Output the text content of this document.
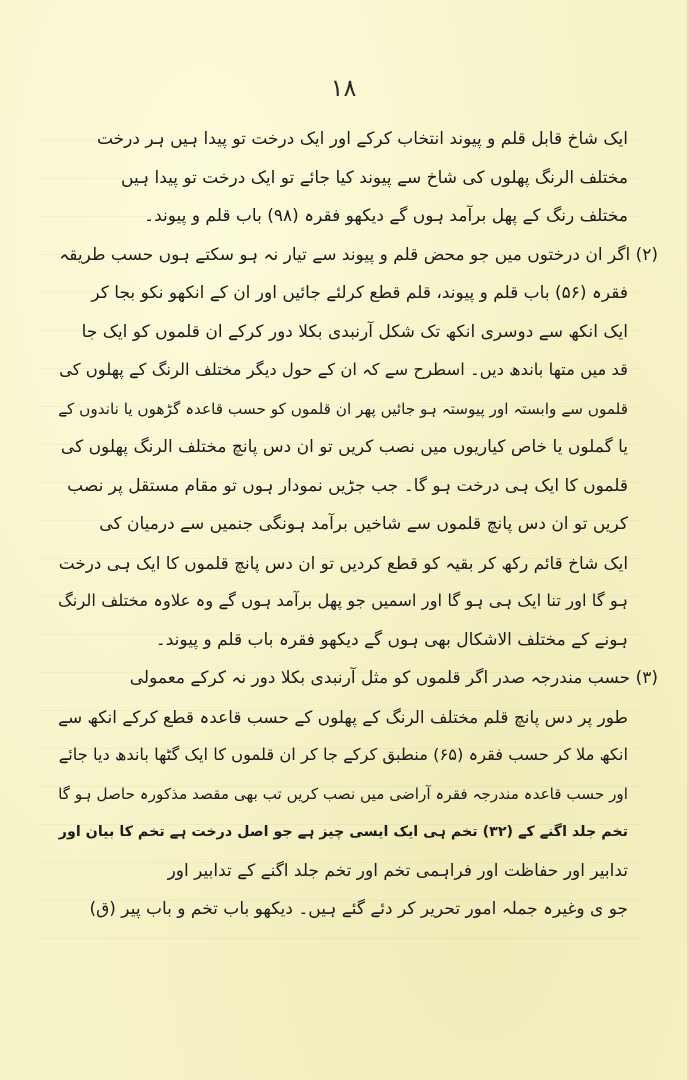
۱۸
ایک شاخ قابل قلم و پیوند انتخاب کرکے اور ایک درخت تو پیدا ہیں ہر درخت
مختلف الرنگ پھلوں کی شاخ سے پیوند کیا جائے تو ایک درخت تو پیدا ہیں
مختلف رنگ کے پھل برآمد ہوں گے دیکھو فقرہ (۹۸) باب قلم و پیوند۔
(۲) اگر ان درختوں میں جو محض قلم و پیوند سے تیار نہ ہو سکتے ہوں حسب طریقہ
فقرہ (۵۶) باب قلم و پیوند، قلم قطع کرلئے جائیں اور ان کے انکھو نکو بجا کر
ایک انکھ سے دوسری انکھ تک شکل آرنبدی بکلا دور کرکے ان قلموں کو ایک جا
قد میں متھا باندھ دیں۔ اسطرح سے کہ ان کے حول دیگر مختلف الرنگ کے پھلوں کی
قلموں سے وابستہ اور پیوستہ ہو جائیں پھر ان قلموں کو حسب قاعدہ گڑھوں یا ناندوں کے
یا گملوں یا خاص کیاریوں میں نصب کریں تو ان دس پانچ مختلف الرنگ پھلوں کی
قلموں کا ایک ہی درخت ہو گا۔ جب جڑیں نمودار ہوں تو مقام مستقل پر نصب
کریں تو ان دس پانچ قلموں سے شاخیں برآمد ہونگی جنمیں سے درمیان کی
ایک شاخ قائم رکھ کر بقیہ کو قطع کردیں تو ان دس پانچ قلموں کا ایک ہی درخت
ہو گا اور تنا ایک ہی ہو گا اور اسمیں جو پھل برآمد ہوں گے وہ علاوہ مختلف الرنگ
ہونے کے مختلف الاشکال بھی ہوں گے دیکھو فقرہ باب قلم و پیوند۔
(۳) حسب مندرجہ صدر اگر قلموں کو مثل آرنبدی بکلا دور نہ کرکے معمولی
طور پر دس پانچ قلم مختلف الرنگ کے پھلوں کے حسب قاعدہ قطع کرکے انکھ سے
انکھ ملا کر حسب فقرہ (۶۵) منطبق کرکے جا کر ان قلموں کا ایک گٹھا باندھ دیا جائے
اور حسب قاعدہ مندرجہ فقرہ آراضی میں نصب کریں تب بھی مقصد مذکورہ حاصل ہو گا
تخم جلد اگنے کے (۳۲) تخم ہی ایک ایسی چیز ہے جو اصل درخت ہے تخم کا بیان اور
تدابیر اور حفاظت اور فراہمی تخم اور تخم جلد اگنے کے تدابیر اور
جو ی وغیرہ جملہ امور تحریر کر دئے گئے ہیں۔ دیکھو باب تخم و باب پیر (ق)
